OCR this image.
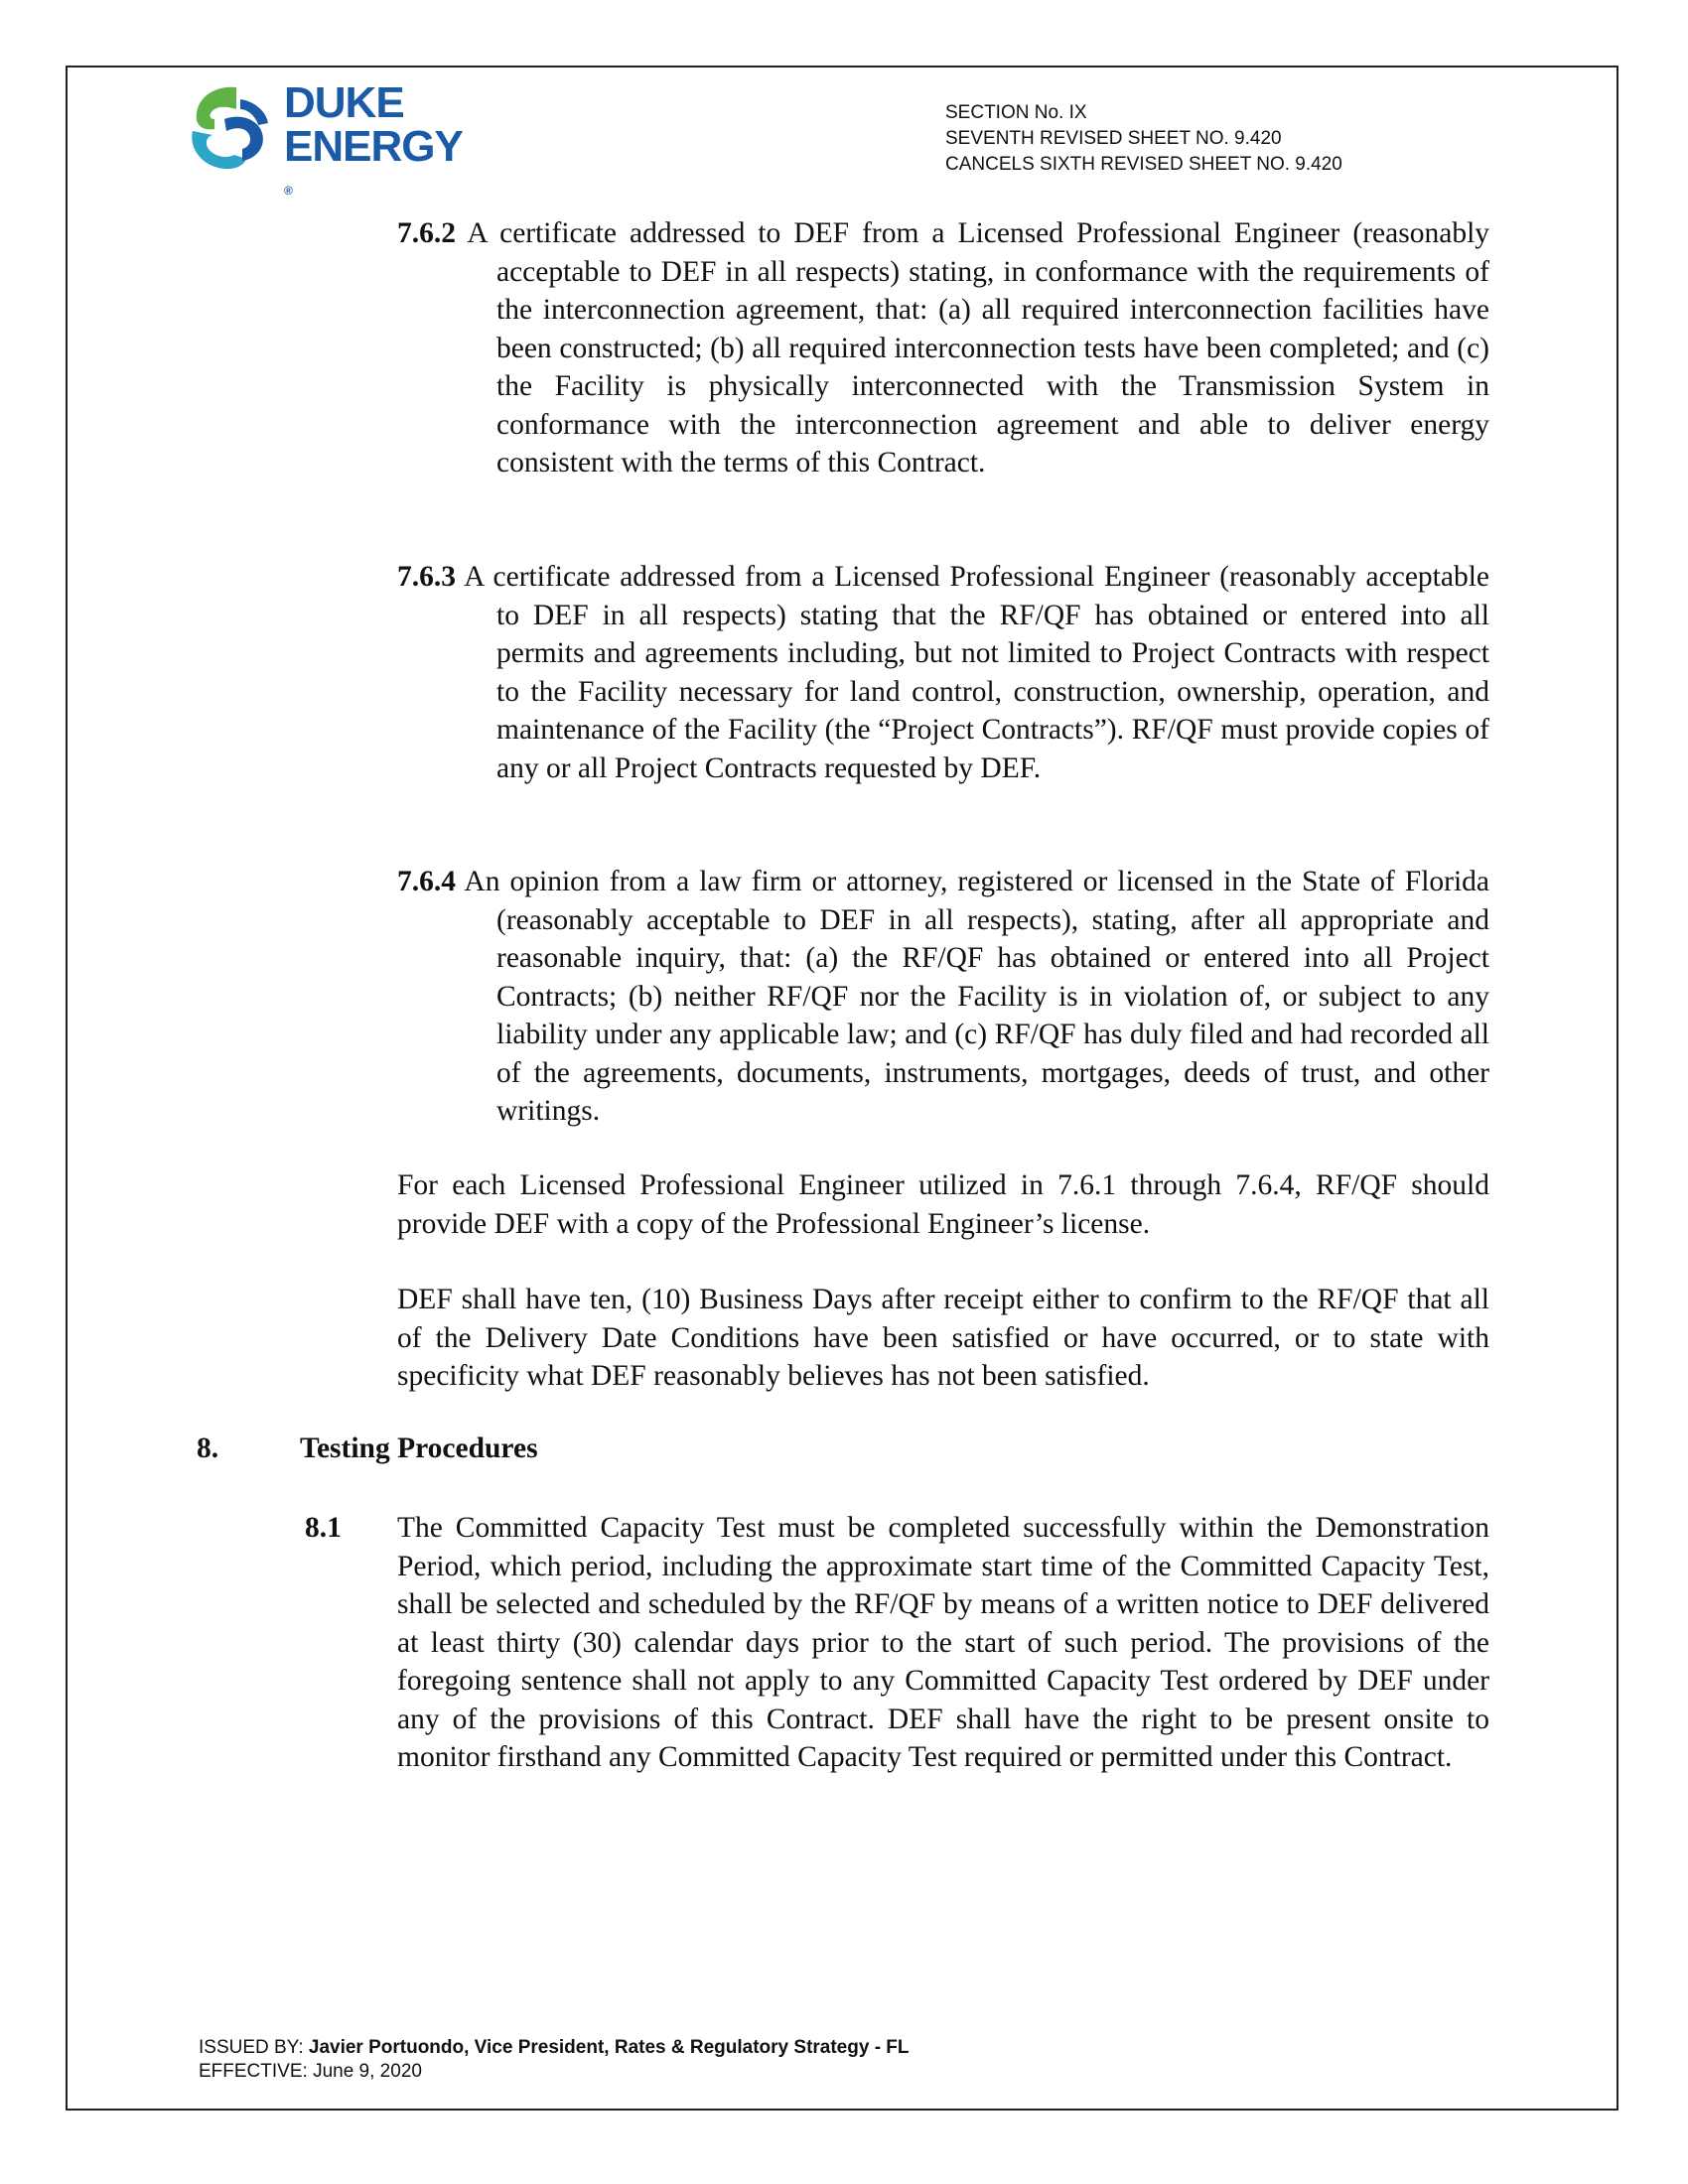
DUKE
ENERGY
®
SECTION No. IX
SEVENTH REVISED SHEET NO. 9.420
CANCELS SIXTH REVISED SHEET NO. 9.420

7.6.2 A certificate addressed to DEF from a Licensed Professional Engineer (reasonably acceptable to DEF in all respects) stating, in conformance with the requirements of the interconnection agreement, that: (a) all required interconnection facilities have been constructed; (b) all required interconnection tests have been completed; and (c) the Facility is physically interconnected with the Transmission System in conformance with the interconnection agreement and able to deliver energy consistent with the terms of this Contract.

7.6.3 A certificate addressed from a Licensed Professional Engineer (reasonably acceptable to DEF in all respects) stating that the RF/QF has obtained or entered into all permits and agreements including, but not limited to Project Contracts with respect to the Facility necessary for land control, construction, ownership, operation, and maintenance of the Facility (the “Project Contracts”). RF/QF must provide copies of any or all Project Contracts requested by DEF.

7.6.4 An opinion from a law firm or attorney, registered or licensed in the State of Florida (reasonably acceptable to DEF in all respects), stating, after all appropriate and reasonable inquiry, that: (a) the RF/QF has obtained or entered into all Project Contracts; (b) neither RF/QF nor the Facility is in violation of, or subject to any liability under any applicable law; and (c) RF/QF has duly filed and had recorded all of the agreements, documents, instruments, mortgages, deeds of trust, and other writings.

For each Licensed Professional Engineer utilized in 7.6.1 through 7.6.4, RF/QF should provide DEF with a copy of the Professional Engineer’s license.

DEF shall have ten, (10) Business Days after receipt either to confirm to the RF/QF that all of the Delivery Date Conditions have been satisfied or have occurred, or to state with specificity what DEF reasonably believes has not been satisfied.

8.	Testing Procedures
8.1 The Committed Capacity Test must be completed successfully within the Demonstration Period, which period, including the approximate start time of the Committed Capacity Test, shall be selected and scheduled by the RF/QF by means of a written notice to DEF delivered at least thirty (30) calendar days prior to the start of such period. The provisions of the foregoing sentence shall not apply to any Committed Capacity Test ordered by DEF under any of the provisions of this Contract. DEF shall have the right to be present onsite to monitor firsthand any Committed Capacity Test required or permitted under this Contract.

ISSUED BY: Javier Portuondo, Vice President, Rates & Regulatory Strategy - FL
EFFECTIVE: June 9, 2020
